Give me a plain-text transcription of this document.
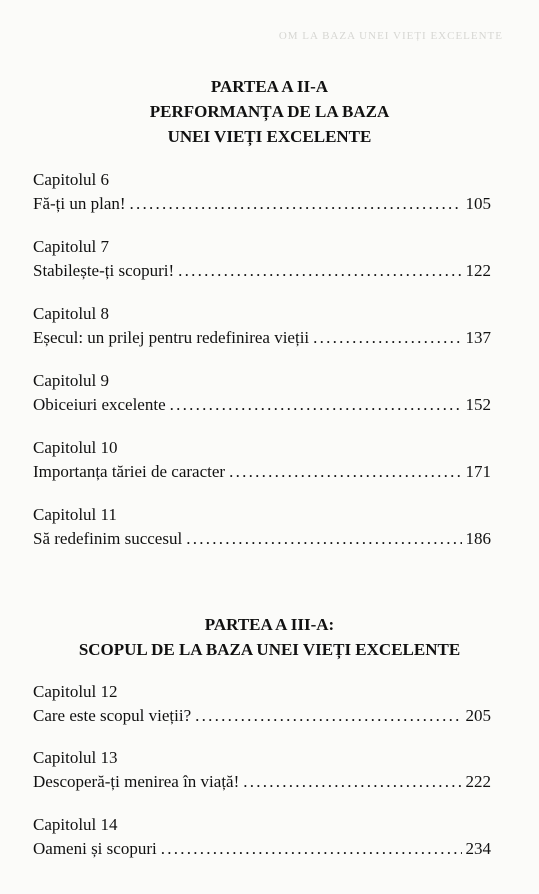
OM LA BAZA UNEI VIEȚI EXCELENTE
PARTEA A II-A
PERFORMANȚA DE LA BAZA
UNEI VIEȚI EXCELENTE
Capitolul 6
Fă-ți un plan! . . .	105
Capitolul 7
Stabilește-ți scopuri! . . .	122
Capitolul 8
Eșecul: un prilej pentru redefinirea vieții . . .	137
Capitolul 9
Obiceiuri excelente . . .	152
Capitolul 10
Importanța tăriei de caracter . . .	171
Capitolul 11
Să redefinim succesul . . .	186
PARTEA A III-A:
SCOPUL DE LA BAZA UNEI VIEȚI EXCELENTE
Capitolul 12
Care este scopul vieții? . . .	205
Capitolul 13
Descoperă-ți menirea în viață! . . .	222
Capitolul 14
Oameni și scopuri . . .	234
